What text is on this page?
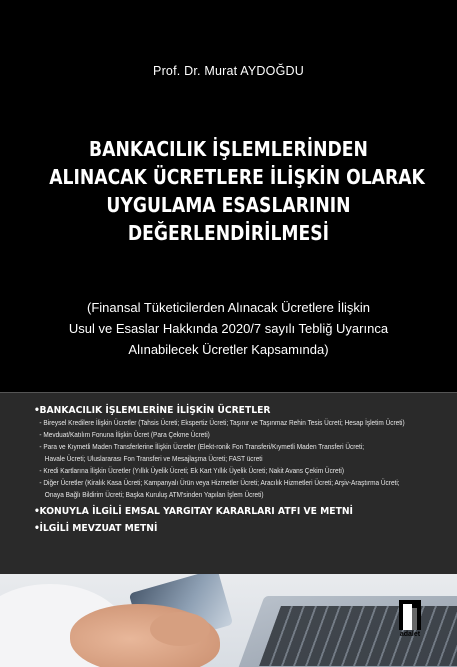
Prof. Dr. Murat AYDOĞDU
BANKACILIK İŞLEMLERİNDEN
ALINACAK ÜCRETLERE İLİŞKİN OLARAK
UYGULAMA ESASLARININ
DEĞERLENDİRİLMESİ
(Finansal Tüketicilerden Alınacak Ücretlere İlişkin
Usul ve Esaslar Hakkında 2020/7 sayılı Tebliğ Uyarınca
Alınabilecek Ücretler Kapsamında)
•BANKACILIK İŞLEMLERİNE İLİŞKİN ÜCRETLER
- Bireysel Kredilere İlişkin Ücretler (Tahsis Ücreti; Ekspertiz Ücreti; Taşınır ve Taşınmaz Rehin Tesis Ücreti; Hesap İşletim Ücreti)
- Mevduat/Katılım Fonuna İlişkin Ücret (Para Çekme Ücreti)
- Para ve Kıymetli Maden Transferlerine İlişkin Ücretler (Elekt-ronik Fon Transferi/Kıymetli Maden Transferi Ücreti;
Havale Ücreti; Uluslararası Fon Transferi ve Mesajlaşma Ücreti; FAST ücreti
- Kredi Kartlarına İlişkin Ücretler (Yıllık Üyelik Ücreti; Ek Kart Yıllık Üyelik Ücreti; Nakit Avans Çekim Ücreti)
- Diğer Ücretler (Kiralık Kasa Ücreti; Kampanyalı Ürün veya Hizmetler Ücreti; Aracılık Hizmetleri Ücreti; Arşiv-Araştırma Ücreti;
Onaya Bağlı Bildirim Ücreti; Başka Kuruluş ATM'sinden Yapılan İşlem Ücreti)
•KONUYLA İLGİLİ EMSAL YARGITAY KARARLARI ATFI VE METNİ
•İLGİLİ MEVZUAT METNİ
adalet
